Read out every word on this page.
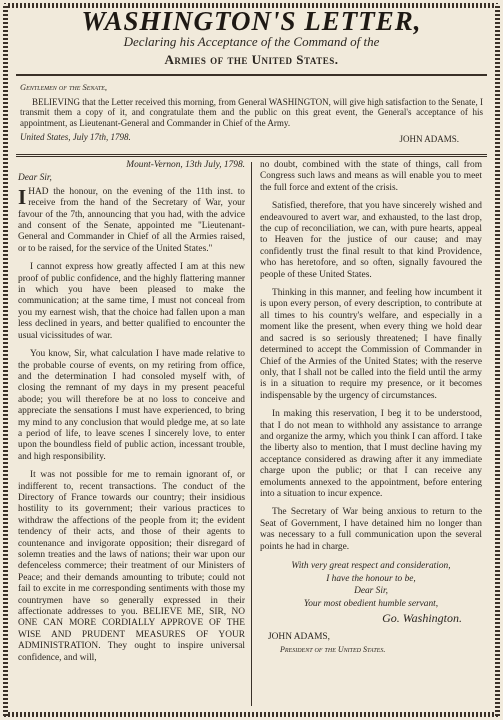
WASHINGTON'S LETTER,
Declaring his Acceptance of the Command of the
Armies of the United States.
Gentlemen of the Senate,
BELIEVING that the Letter received this morning, from General WASHINGTON, will give high satisfaction to the Senate, I transmit them a copy of it, and congratulate them and the public on this great event, the General's acceptance of his appointment, as Lieutenant-General and Commander in Chief of the Army.
United States, July 17th, 1798.	JOHN ADAMS.
Mount-Vernon, 13th July, 1798.
Dear Sir,

IHAD the honour, on the evening of the 11th inst. to receive from the hand of the Secretary of War, your favour of the 7th, announcing that you had, with the advice and consent of the Senate, appointed me "Lieutenant-General and Commander in Chief of all the Armies raised, or to be raised, for the service of the United States."

I cannot express how greatly affected I am at this new proof of public confidence, and the highly flattering manner in which you have been pleased to make the communication; at the same time, I must not conceal from you my earnest wish, that the choice had fallen upon a man less declined in years, and better qualified to encounter the usual vicissitudes of war.

You know, Sir, what calculation I have made relative to the probable course of events, on my retiring from office, and the determination I had consoled myself with, of closing the remnant of my days in my present peaceful abode; you will therefore be at no loss to conceive and appreciate the sensations I must have experienced, to bring my mind to any conclusion that would pledge me, at so late a period of life, to leave scenes I sincerely love, to enter upon the boundless field of public action, incessant trouble, and high responsibility.

It was not possible for me to remain ignorant of, or indifferent to, recent transactions. The conduct of the Directory of France towards our country; their insidious hostility to its government; their various practices to withdraw the affections of the people from it; the evident tendency of their acts, and those of their agents to countenance and invigorate opposition; their disregard of solemn treaties and the laws of nations; their war upon our defenceless commerce; their treatment of our Ministers of Peace; and their demands amounting to tribute; could not fail to excite in me corresponding sentiments with those my countrymen have so generally expressed in their affectionate addresses to you. BELIEVE ME, SIR, NO ONE CAN MORE CORDIALLY APPROVE OF THE WISE AND PRUDENT MEASURES OF YOUR ADMINISTRATION. They ought to inspire universal confidence, and will,

no doubt, combined with the state of things, call from Congress such laws and means as will enable you to meet the full force and extent of the crisis.

Satisfied, therefore, that you have sincerely wished and endeavoured to avert war, and exhausted, to the last drop, the cup of reconciliation, we can, with pure hearts, appeal to Heaven for the justice of our cause; and may confidently trust the final result to that kind Providence, who has heretofore, and so often, signally favoured the people of these United States.

Thinking in this manner, and feeling how incumbent it is upon every person, of every description, to contribute at all times to his country's welfare, and especially in a moment like the present, when every thing we hold dear and sacred is so seriously threatened; I have finally determined to accept the Commission of Commander in Chief of the Armies of the United States; with the reserve only, that I shall not be called into the field until the army is in a situation to require my presence, or it becomes indispensable by the urgency of circumstances.

In making this reservation, I beg it to be understood, that I do not mean to withhold any assistance to arrange and organize the army, which you think I can afford. I take the liberty also to mention, that I must decline having my acceptance considered as drawing after it any immediate charge upon the public; or that I can receive any emoluments annexed to the appointment, before entering into a situation to incur expence.

The Secretary of War being anxious to return to the Seat of Government, I have detained him no longer than was necessary to a full communication upon the several points he had in charge.

With very great respect and consideration,
I have the honour to be,
Dear Sir,
Your most obedient humble servant,
Go. Washington.
JOHN ADAMS,
President of the United States.
